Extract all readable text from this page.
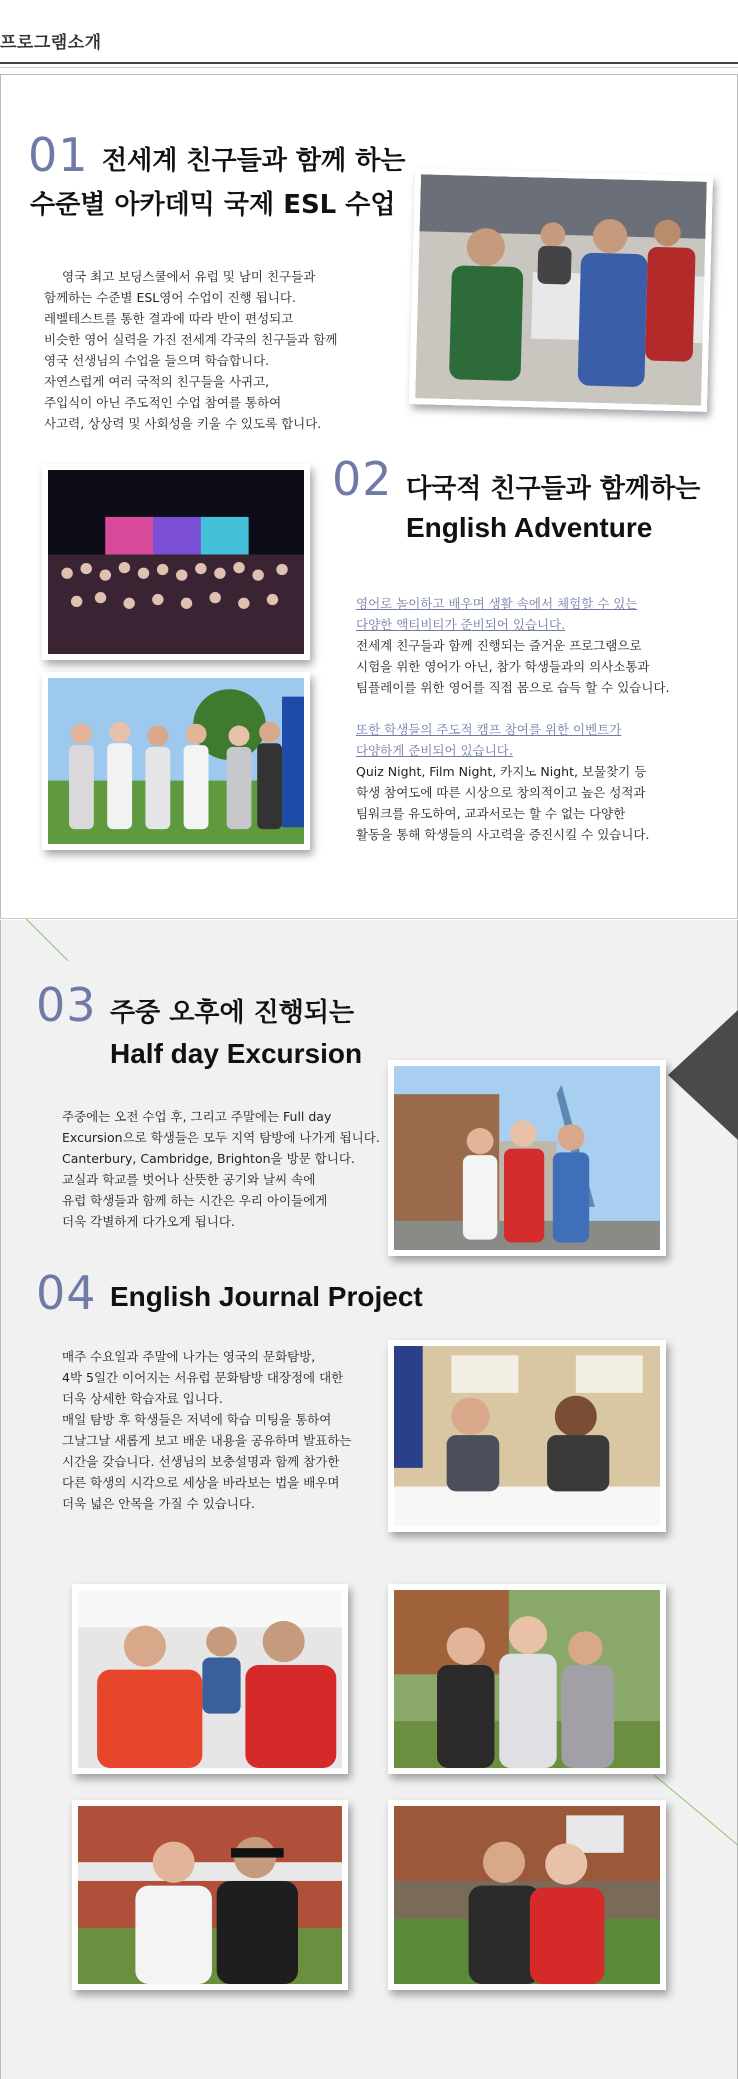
프로그램소개
01 전세계 친구들과 함께 하는
수준별 아카데믹 국제 ESL 수업

영국 최고 보딩스쿨에서 유럽 및 남미 친구들과

함께하는 수준별 ESL영어 수업이 진행 됩니다.

레벨테스트를 통한 결과에 따라 반이 편성되고

비슷한 영어 실력을 가진 전세계 각국의 친구들과 함께

영국 선생님의 수업을 들으며 학습합니다.

자연스럽게 여러 국적의 친구들을 사귀고,

주입식이 아닌 주도적인 수업 참여를 통하여

사고력, 상상력 및 사회성을 키울 수 있도록 합니다.

02 다국적 친구들과 함께하는
English Adventure

영어로 놀이하고 배우며 생활 속에서 체험할 수 있는

다양한 액티비티가 준비되어 있습니다.

전세계 친구들과 함께 진행되는 즐거운 프로그램으로

시험을 위한 영어가 아닌, 참가 학생들과의 의사소통과

팀플레이를 위한 영어를 직접 몸으로 습득 할 수 있습니다.

또한 학생들의 주도적 캠프 참여를 위한 이벤트가

다양하게 준비되어 있습니다.

Quiz Night, Film Night, 카지노 Night, 보물찾기 등

학생 참여도에 따른 시상으로 창의적이고 높은 성적과

팀워크를 유도하여, 교과서로는 할 수 없는 다양한

활동을 통해 학생들의 사고력을 증진시킬 수 있습니다.

03 주중 오후에 진행되는
Half day Excursion

주중에는 오전 수업 후, 그리고 주말에는 Full day

Excursion으로 학생들은 모두 지역 탐방에 나가게 됩니다.

Canterbury, Cambridge, Brighton을 방문 합니다.

교실과 학교를 벗어나 산뜻한 공기와 날씨 속에

유럽 학생들과 함께 하는 시간은 우리 아이들에게

더욱 각별하게 다가오게 됩니다.

04 English Journal Project

매주 수요일과 주말에 나가는 영국의 문화탐방,

4박 5일간 이어지는 서유럽 문화탐방 대장정에 대한

더욱 상세한 학습자료 입니다.

매일 탐방 후 학생들은 저녁에 학습 미팅을 통하여

그날그날 새롭게 보고 배운 내용을 공유하며 발표하는

시간을 갖습니다. 선생님의 보충설명과 함께 참가한

다른 학생의 시각으로 세상을 바라보는 법을 배우며

더욱 넓은 안목을 가질 수 있습니다.
